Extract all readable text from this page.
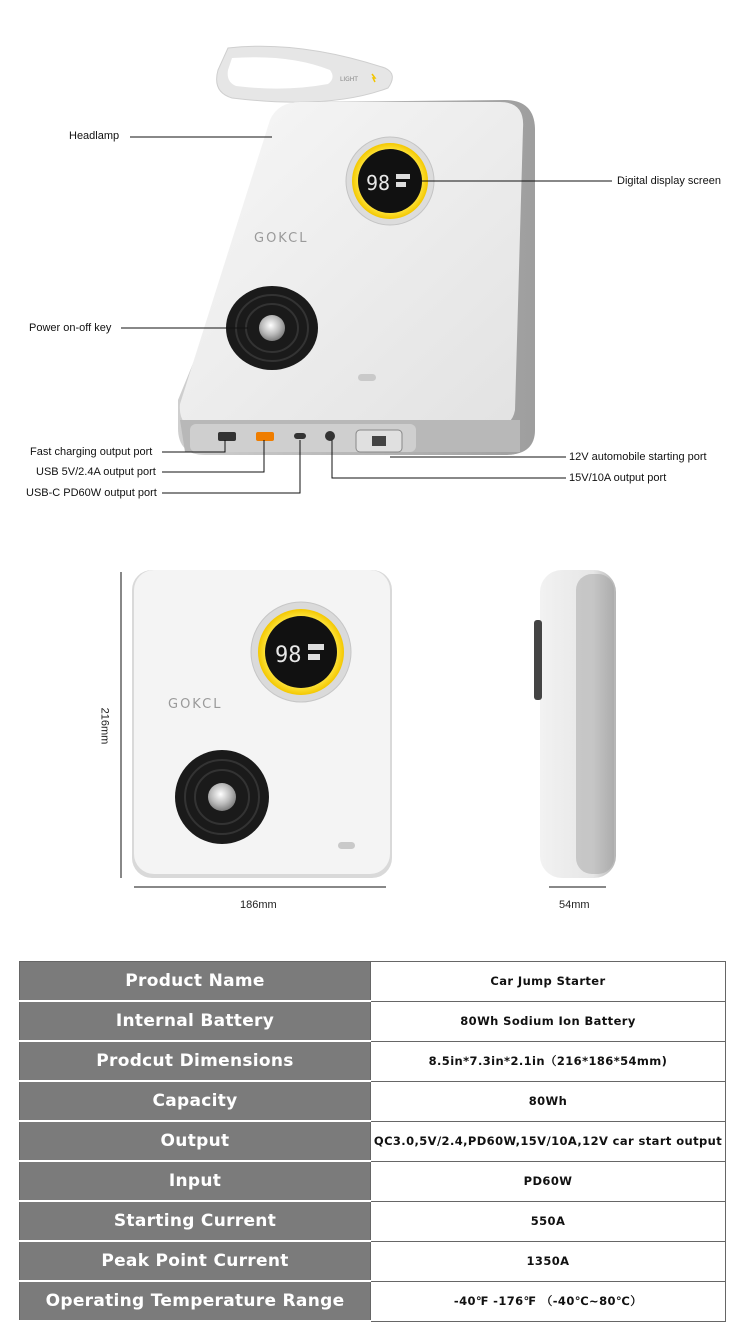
LIGHT
98
GOKCL
Headlamp
Digital display screen
Power on-off key
Fast charging output port
USB 5V/2.4A output port
USB-C PD60W output port
12V automobile starting port
15V/10A output port
98
GOKCL
216mm
186mm	54mm
Product Name	Car Jump Starter
Internal Battery	80Wh Sodium Ion Battery
Prodcut Dimensions	8.5in*7.3in*2.1in（216*186*54mm)
Capacity	80Wh
Output	QC3.0,5V/2.4,PD60W,15V/10A,12V car start output
Input	PD60W
Starting Current	550A
Peak Point Current	1350A
Operating Temperature Range	-40℉ -176℉ （-40℃~80℃）
